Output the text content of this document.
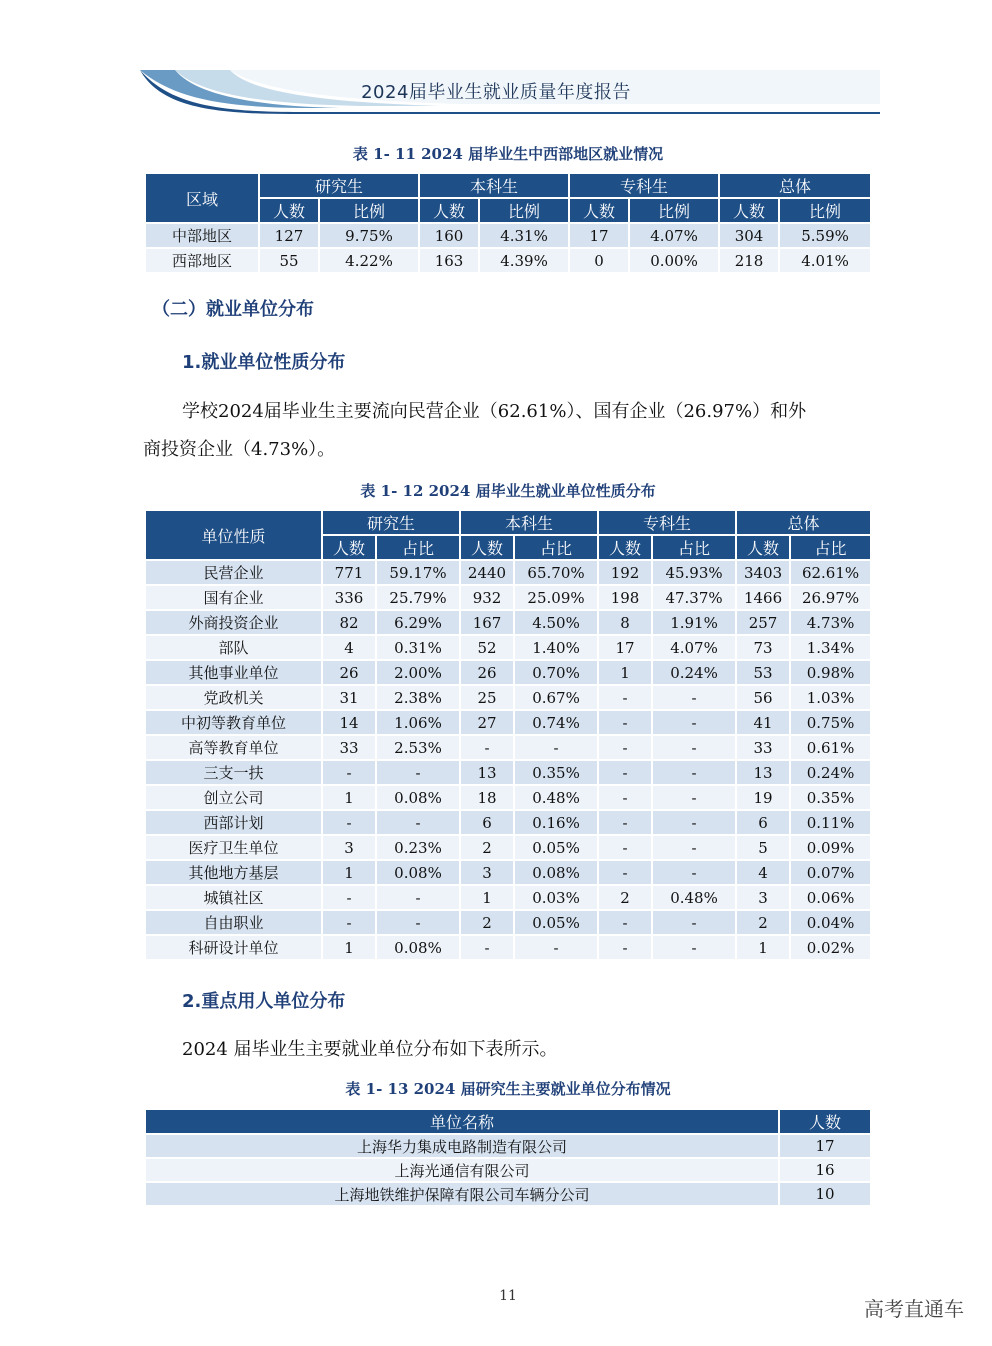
2024届毕业生就业质量年度报告
表 1- 11 2024 届毕业生中西部地区就业情况
区域	研究生		本科生		专科生		总体	
	人数	比例	人数	比例	人数	比例	人数	比例
中部地区	127	9.75%	160	4.31%	17	4.07%	304	5.59%
西部地区	55	4.22%	163	4.39%	0	0.00%	218	4.01%
（二）就业单位分布
1.就业单位性质分布
学校2024届毕业生主要流向民营企业（62.61%）、国有企业（26.97%）和外
商投资企业（4.73%）。
表 1- 12 2024 届毕业生就业单位性质分布
单位性质	研究生		本科生		专科生		总体	
	人数	占比	人数	占比	人数	占比	人数	占比
民营企业	771	59.17%	2440	65.70%	192	45.93%	3403	62.61%
国有企业	336	25.79%	932	25.09%	198	47.37%	1466	26.97%
外商投资企业	82	6.29%	167	4.50%	8	1.91%	257	4.73%
部队	4	0.31%	52	1.40%	17	4.07%	73	1.34%
其他事业单位	26	2.00%	26	0.70%	1	0.24%	53	0.98%
党政机关	31	2.38%	25	0.67%	-	-	56	1.03%
中初等教育单位	14	1.06%	27	0.74%	-	-	41	0.75%
高等教育单位	33	2.53%	-	-	-	-	33	0.61%
三支一扶	-	-	13	0.35%	-	-	13	0.24%
创立公司	1	0.08%	18	0.48%	-	-	19	0.35%
西部计划	-	-	6	0.16%	-	-	6	0.11%
医疗卫生单位	3	0.23%	2	0.05%	-	-	5	0.09%
其他地方基层	1	0.08%	3	0.08%	-	-	4	0.07%
城镇社区	-	-	1	0.03%	2	0.48%	3	0.06%
自由职业	-	-	2	0.05%	-	-	2	0.04%
科研设计单位	1	0.08%	-	-	-	-	1	0.02%
2.重点用人单位分布
2024 届毕业生主要就业单位分布如下表所示。
表 1- 13 2024 届研究生主要就业单位分布情况
单位名称	人数
上海华力集成电路制造有限公司	17
上海光通信有限公司	16
上海地铁维护保障有限公司车辆分公司	10
11
高考直通车
